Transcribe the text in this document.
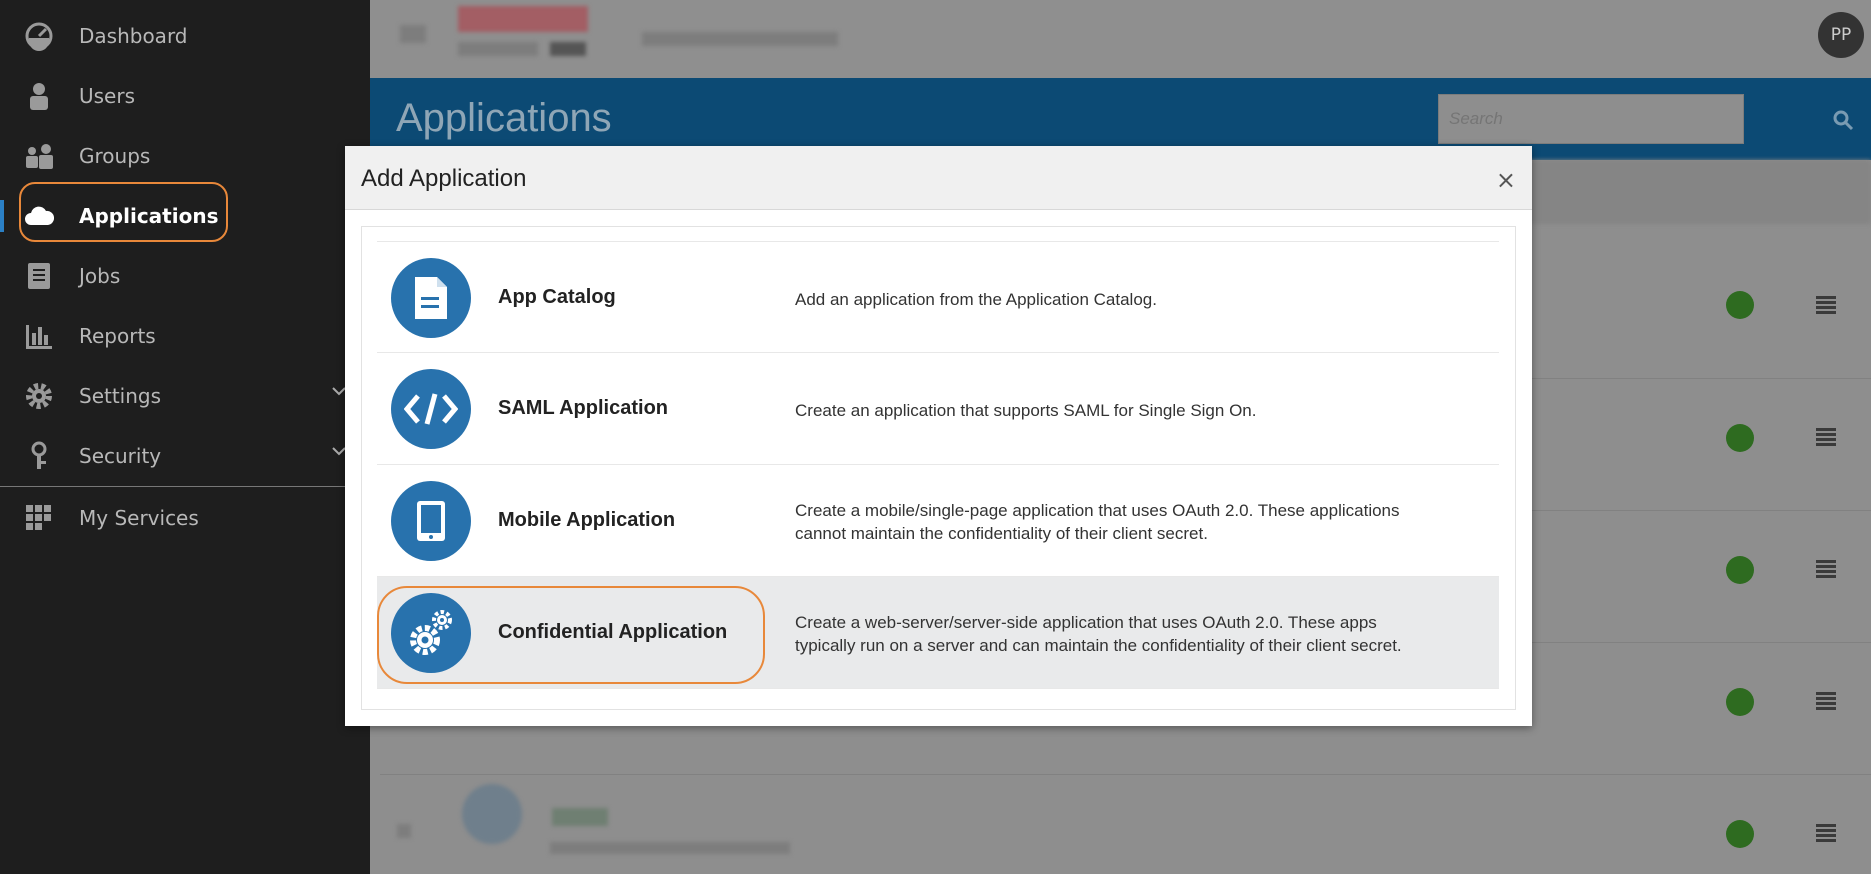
Dashboard
Users
Groups
Applications
Jobs
Reports
Settings
Security
My Services
PP
Applications
Search
Add Application	×
App Catalog	Add an application from the Application Catalog.
SAML Application	Create an application that supports SAML for Single Sign On.
Mobile Application	Create a mobile/single-page application that uses OAuth 2.0. These applications cannot maintain the confidentiality of their client secret.
Confidential Application	Create a web-server/server-side application that uses OAuth 2.0. These apps typically run on a server and can maintain the confidentiality of their client secret.
